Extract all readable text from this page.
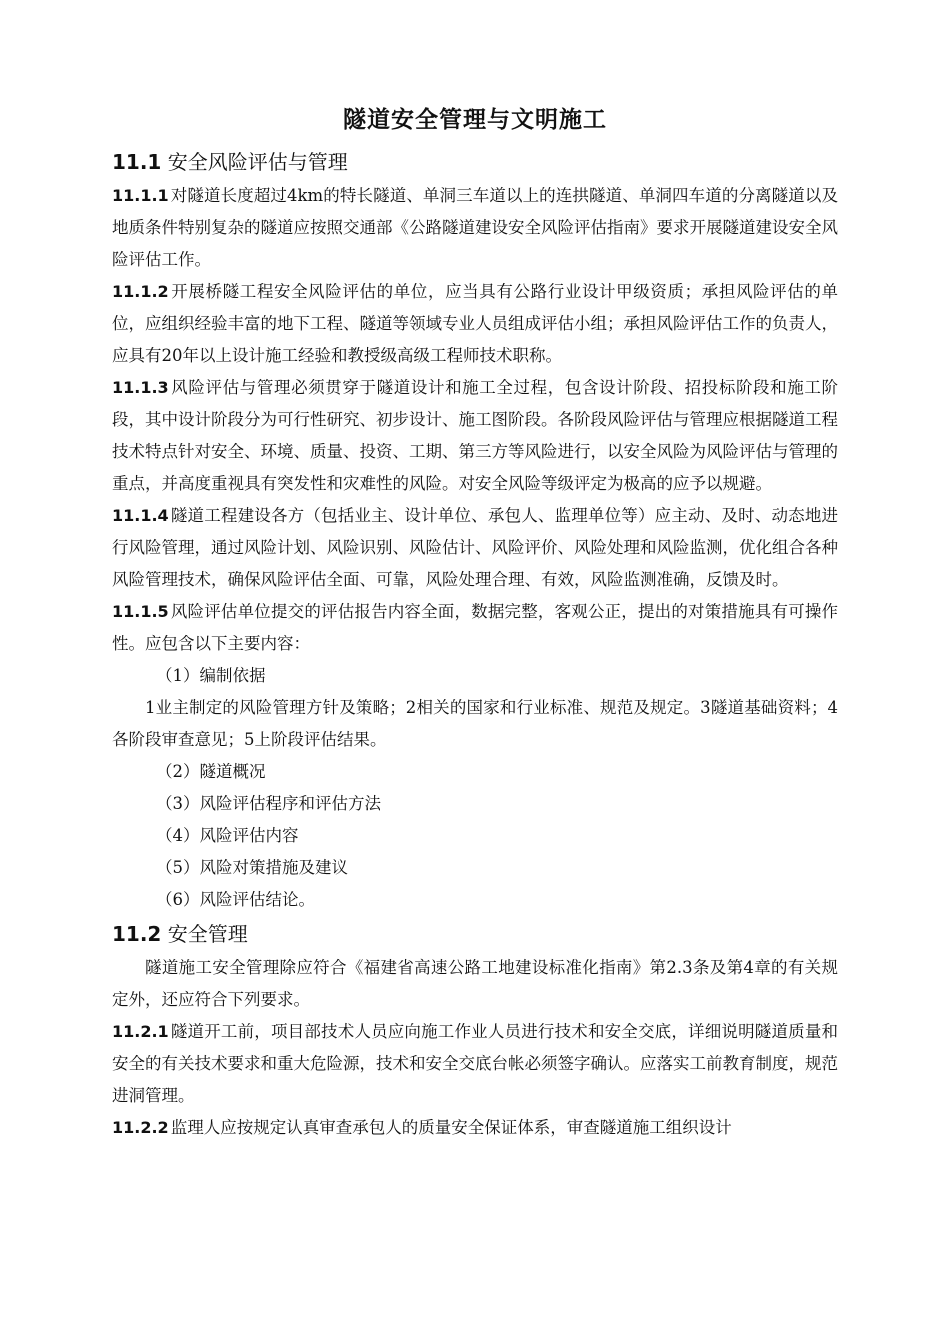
隧道安全管理与文明施工
11.1 安全风险评估与管理

11.1.1 对隧道长度超过4km的特长隧道、单洞三车道以上的连拱隧道、单洞四车道的分离隧道以及地质条件特别复杂的隧道应按照交通部《公路隧道建设安全风险评估指南》要求开展隧道建设安全风险评估工作。

11.1.2 开展桥隧工程安全风险评估的单位，应当具有公路行业设计甲级资质；承担风险评估的单位，应组织经验丰富的地下工程、隧道等领域专业人员组成评估小组；承担风险评估工作的负责人，应具有20年以上设计施工经验和教授级高级工程师技术职称。

11.1.3 风险评估与管理必须贯穿于隧道设计和施工全过程，包含设计阶段、招投标阶段和施工阶段，其中设计阶段分为可行性研究、初步设计、施工图阶段。各阶段风险评估与管理应根据隧道工程技术特点针对安全、环境、质量、投资、工期、第三方等风险进行，以安全风险为风险评估与管理的重点，并高度重视具有突发性和灾难性的风险。对安全风险等级评定为极高的应予以规避。

11.1.4 隧道工程建设各方（包括业主、设计单位、承包人、监理单位等）应主动、及时、动态地进行风险管理，通过风险计划、风险识别、风险估计、风险评价、风险处理和风险监测，优化组合各种风险管理技术，确保风险评估全面、可靠，风险处理合理、有效，风险监测准确，反馈及时。

11.1.5 风险评估单位提交的评估报告内容全面，数据完整，客观公正，提出的对策措施具有可操作性。应包含以下主要内容：

（1）编制依据

1业主制定的风险管理方针及策略；2相关的国家和行业标准、规范及规定。3隧道基础资料；4各阶段审查意见；5上阶段评估结果。

（2）隧道概况

（3）风险评估程序和评估方法

（4）风险评估内容

（5）风险对策措施及建议

（6）风险评估结论。

11.2 安全管理

隧道施工安全管理除应符合《福建省高速公路工地建设标准化指南》第2.3条及第4章的有关规定外，还应符合下列要求。

11.2.1 隧道开工前，项目部技术人员应向施工作业人员进行技术和安全交底，详细说明隧道质量和安全的有关技术要求和重大危险源，技术和安全交底台帐必须签字确认。应落实工前教育制度，规范进洞管理。

11.2.2 监理人应按规定认真审查承包人的质量安全保证体系，审查隧道施工组织设计
